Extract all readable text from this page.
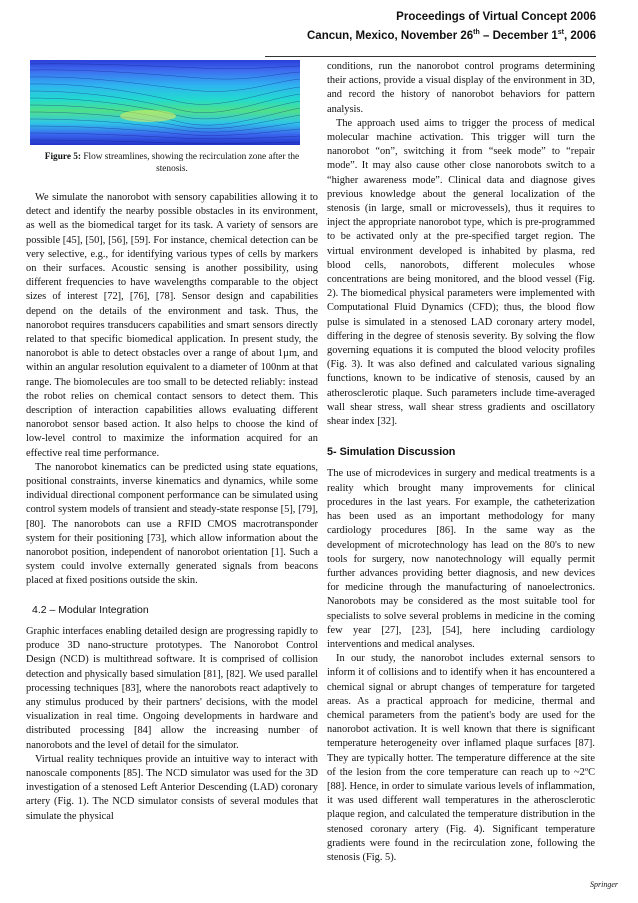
Proceedings of Virtual Concept 2006
Cancun, Mexico, November 26th – December 1st, 2006
Figure 5: Flow streamlines, showing the recirculation zone after the stenosis.

We simulate the nanorobot with sensory capabilities allowing it to detect and identify the nearby possible obstacles in its environment, as well as the biomedical target for its task. A variety of sensors are possible [45], [50], [56], [59]. For instance, chemical detection can be very selective, e.g., for identifying various types of cells by markers on their surfaces. Acoustic sensing is another possibility, using different frequencies to have wavelengths comparable to the object sizes of interest [72], [76], [78]. Sensor design and capabilities depend on the details of the environment and task. Thus, the nanorobot requires transducers capabilities and smart sensors directly related to that specific biomedical application. In present study, the nanorobot is able to detect obstacles over a range of about 1µm, and within an angular resolution equivalent to a diameter of 100nm at that range. The biomolecules are too small to be detected reliably: instead the robot relies on chemical contact sensors to detect them. This description of interaction capabilities allows evaluating different nanorobot sensor based action. It also helps to choose the kind of low-level control to maximize the information acquired for an effective real time performance.

The nanorobot kinematics can be predicted using state equations, positional constraints, inverse kinematics and dynamics, while some individual directional component performance can be simulated using control system models of transient and steady-state response [5], [79], [80]. The nanorobots can use a RFID CMOS macrotransponder system for their positioning [73], which allow information about the nanorobot position, independent of nanorobot orientation [1]. Such a system could involve externally generated signals from beacons placed at fixed positions outside the skin.

4.2 – Modular Integration

Graphic interfaces enabling detailed design are progressing rapidly to produce 3D nano-structure prototypes. The Nanorobot Control Design (NCD) is multithread software. It is comprised of collision detection and physically based simulation [81], [82]. We used parallel processing techniques [83], where the nanorobots react adaptively to any stimulus produced by their partners' decisions, with the model visualization in real time. Ongoing developments in hardware and distributed processing [84] allow the increasing number of nanorobots and the level of detail for the simulator.

Virtual reality techniques provide an intuitive way to interact with nanoscale components [85]. The NCD simulator was used for the 3D investigation of a stenosed Left Anterior Descending (LAD) coronary artery (Fig. 1). The NCD simulator consists of several modules that simulate the physical

conditions, run the nanorobot control programs determining their actions, provide a visual display of the environment in 3D, and record the history of nanorobot behaviors for pattern analysis.

The approach used aims to trigger the process of medical molecular machine activation. This trigger will turn the nanorobot “on”, switching it from “seek mode” to “repair mode”. It may also cause other close nanorobots switch to a “higher awareness mode”. Clinical data and diagnose gives previous knowledge about the general localization of the stenosis (in large, small or microvessels), thus it requires to inject the appropriate nanorobot type, which is pre-programmed to be activated only at the pre-specified target region. The virtual environment developed is inhabited by plasma, red blood cells, nanorobots, different molecules whose concentrations are being monitored, and the blood vessel (Fig. 2). The biomedical physical parameters were implemented with Computational Fluid Dynamics (CFD); thus, the blood flow pulse is simulated in a stenosed LAD coronary artery model, differing in the degree of stenosis severity. By solving the flow governing equations it is computed the blood velocity profiles (Fig. 3). It was also defined and calculated various signaling functions, known to be indicative of stenosis, caused by an atherosclerotic plaque. Such parameters include time-averaged wall shear stress, wall shear stress gradients and oscillatory shear index [32].

5- Simulation Discussion

The use of microdevices in surgery and medical treatments is a reality which brought many improvements for clinical procedures in the last years. For example, the catheterization has been used as an important methodology for many cardiology procedures [86]. In the same way as the development of microtechnology has lead on the 80's to new tools for surgery, now nanotechnology will equally permit further advances providing better diagnosis, and new devices for medicine through the manufacturing of nanoelectronics. Nanorobots may be considered as the most suitable tool for specialists to solve several problems in medicine in the coming few year [27], [23], [54], here including cardiology interventions and medical analyses.

In our study, the nanorobot includes external sensors to inform it of collisions and to identify when it has encountered a chemical signal or abrupt changes of temperature for targeted areas. As a practical approach for medicine, thermal and chemical parameters from the patient's body are used for the nanorobot activation. It is well known that there is significant temperature heterogeneity over inflamed plaque surfaces [87]. They are typically hotter. The temperature difference at the site of the lesion from the core temperature can reach up to ~2ºC [88]. Hence, in order to simulate various levels of inflammation, it was used different wall temperatures in the atherosclerotic plaque region, and calculated the temperature distribution in the stenosed coronary artery (Fig. 4). Significant temperature gradients were found in the recirculation zone, following the stenosis (Fig. 5).

Springer
